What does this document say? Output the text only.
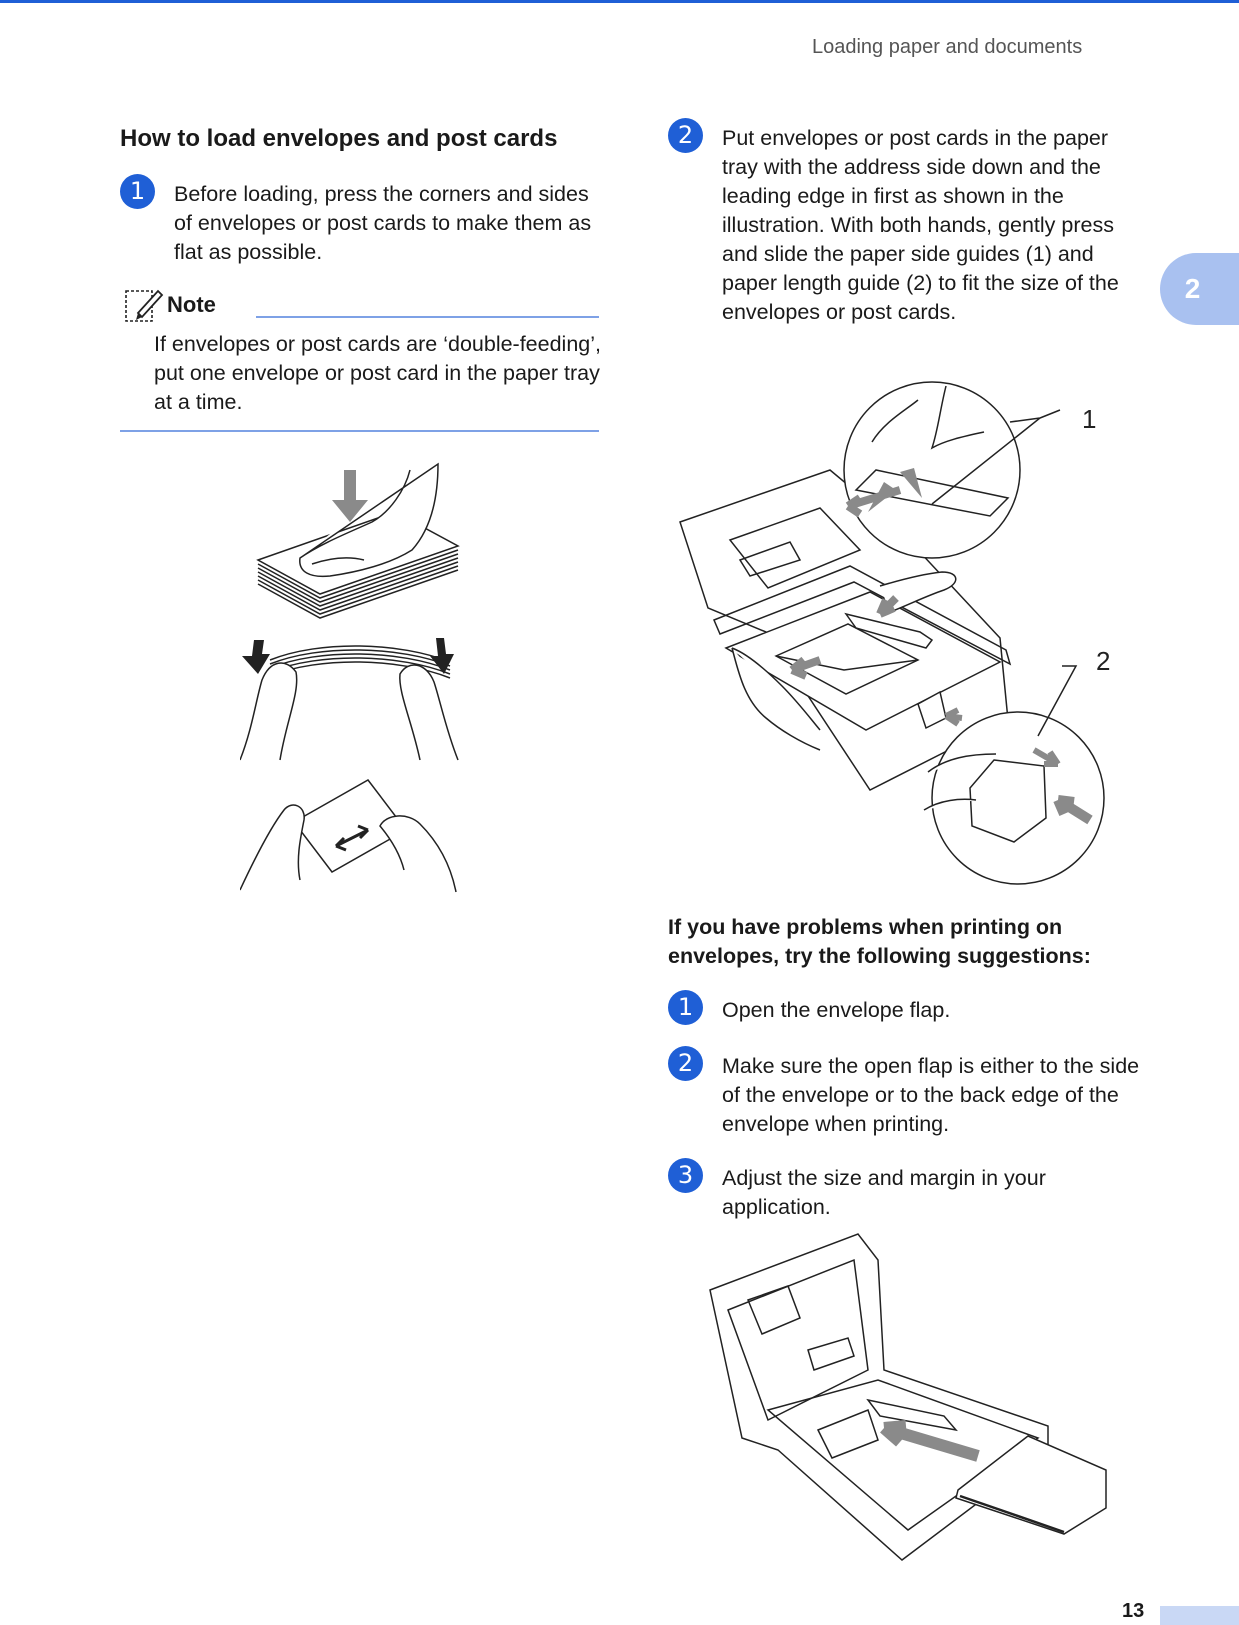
Loading paper and documents
2
13
How to load envelopes and post cards
1	Before loading, press the corners and sides of envelopes or post cards to make them as flat as possible.

Note

If envelopes or post cards are ‘double-feeding’, put one envelope or post card in the paper tray at a time.

2	Put envelopes or post cards in the paper tray with the address side down and the leading edge in first as shown in the illustration. With both hands, gently press and slide the paper side guides (1) and paper length guide (2) to fit the size of the envelopes or post cards.

1
2
If you have problems when printing on envelopes, try the following suggestions:
1	Open the envelope flap.

2	Make sure the open flap is either to the side of the envelope or to the back edge of the envelope when printing.

3	Adjust the size and margin in your application.
